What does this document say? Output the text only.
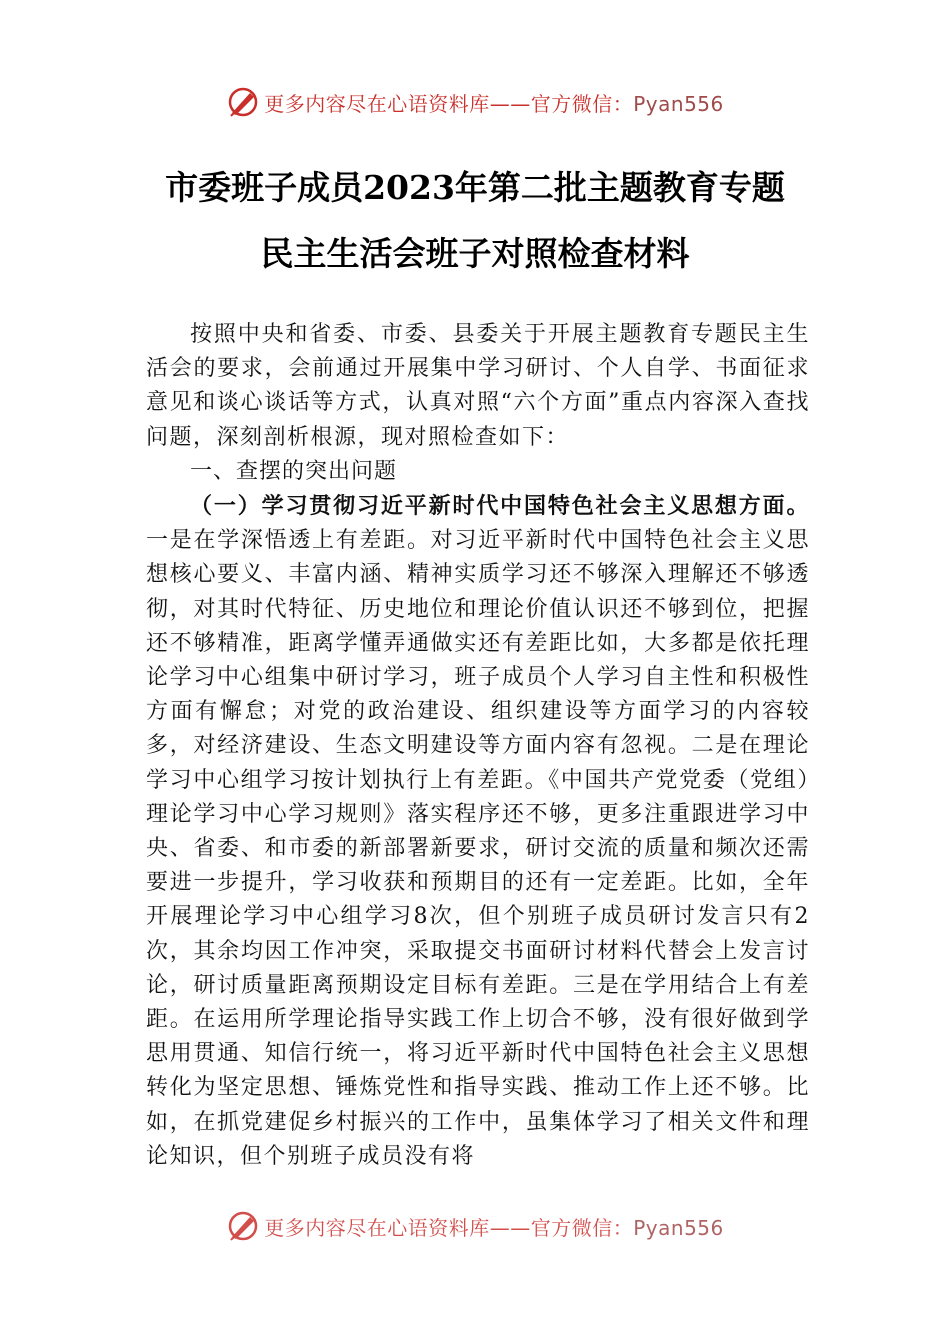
更多内容尽在心语资料库——官方微信：Pyan556
市委班子成员2023年第二批主题教育专题
民主生活会班子对照检查材料

按照中央和省委、市委、县委关于开展主题教育专题民主生活会的要求，会前通过开展集中学习研讨、个人自学、书面征求意见和谈心谈话等方式，认真对照“六个方面”重点内容深入查找问题，深刻剖析根源，现对照检查如下：

一、查摆的突出问题

（一）学习贯彻习近平新时代中国特色社会主义思想方面。一是在学深悟透上有差距。对习近平新时代中国特色社会主义思想核心要义、丰富内涵、精神实质学习还不够深入理解还不够透彻，对其时代特征、历史地位和理论价值认识还不够到位，把握还不够精准，距离学懂弄通做实还有差距比如，大多都是依托理论学习中心组集中研讨学习，班子成员个人学习自主性和积极性方面有懈怠；对党的政治建设、组织建设等方面学习的内容较多，对经济建设、生态文明建设等方面内容有忽视。二是在理论学习中心组学习按计划执行上有差距。《中国共产党党委（党组）理论学习中心学习规则》落实程序还不够，更多注重跟进学习中央、省委、和市委的新部署新要求，研讨交流的质量和频次还需要进一步提升，学习收获和预期目的还有一定差距。比如，全年开展理论学习中心组学习8次，但个别班子成员研讨发言只有2次，其余均因工作冲突，采取提交书面研讨材料代替会上发言讨论，研讨质量距离预期设定目标有差距。三是在学用结合上有差距。在运用所学理论指导实践工作上切合不够，没有很好做到学思用贯通、知信行统一，将习近平新时代中国特色社会主义思想转化为坚定思想、锤炼党性和指导实践、推动工作上还不够。比如，在抓党建促乡村振兴的工作中，虽集体学习了相关文件和理论知识，但个别班子成员没有将

更多内容尽在心语资料库——官方微信：Pyan556
